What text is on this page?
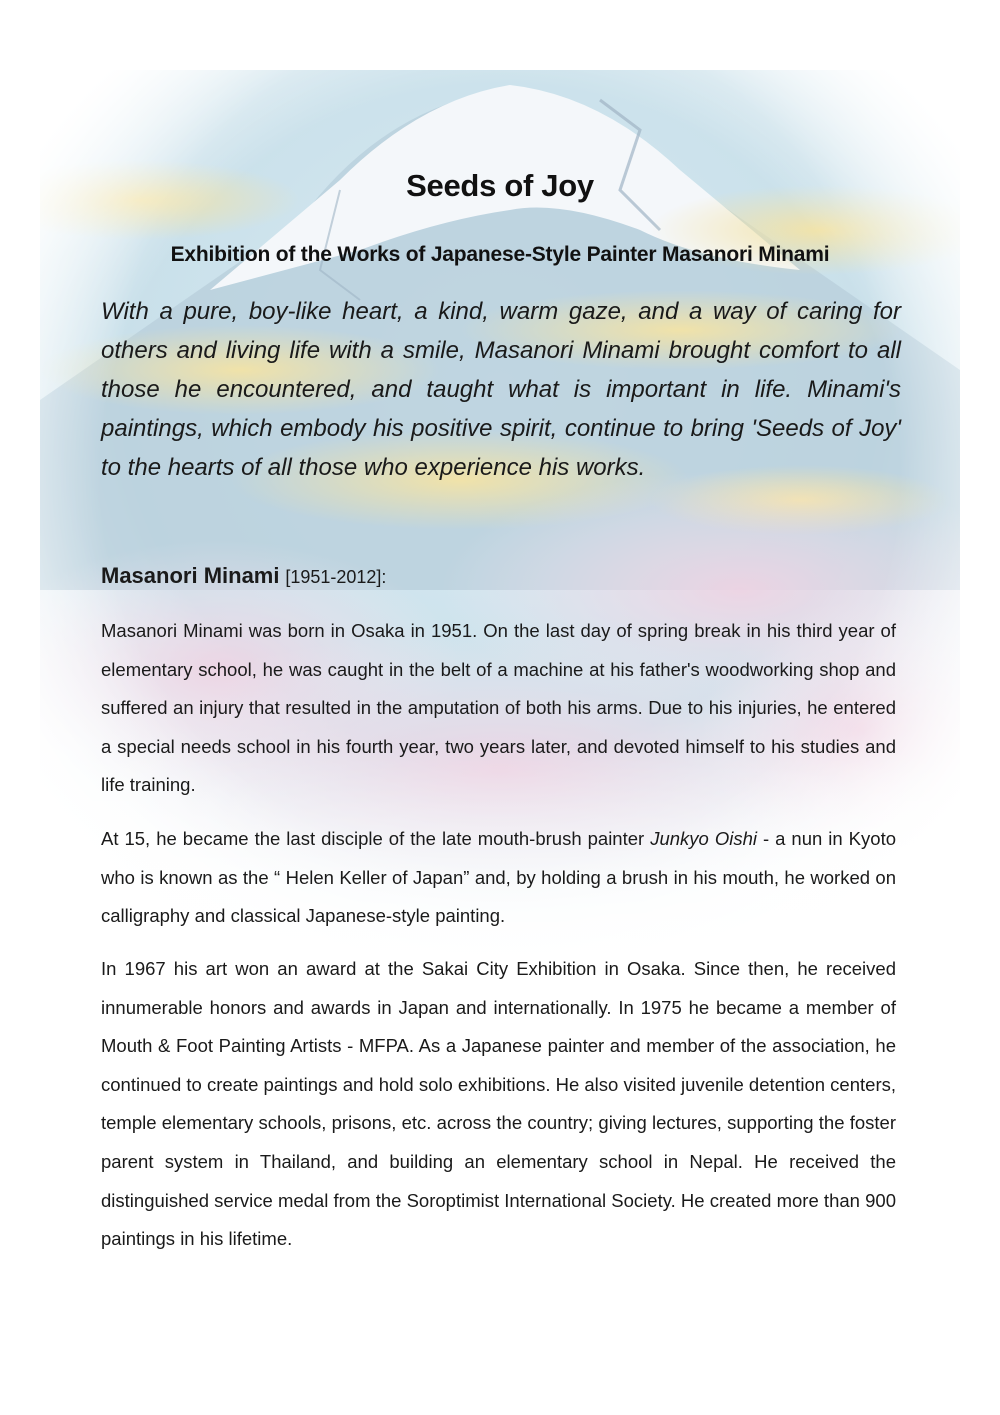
Seeds of Joy
Exhibition of the Works of Japanese-Style Painter Masanori Minami

With a pure, boy-like heart, a kind, warm gaze, and a way of caring for others and living life with a smile, Masanori Minami brought comfort to all those he encountered, and taught what is important in life. Minami's paintings, which embody his positive spirit, continue to bring 'Seeds of Joy' to the hearts of all those who experience his works.

Masanori Minami [1951-2012]:

Masanori Minami was born in Osaka in 1951. On the last day of spring break in his third year of elementary school, he was caught in the belt of a machine at his father's woodworking shop and suffered an injury that resulted in the amputation of both his arms. Due to his injuries, he entered a special needs school in his fourth year, two years later, and devoted himself to his studies and life training.

At 15, he became the last disciple of the late mouth-brush painter Junkyo Oishi - a nun in Kyoto who is known as the “ Helen Keller of Japan” and, by holding a brush in his mouth, he worked on calligraphy and classical Japanese-style painting.

In 1967 his art won an award at the Sakai City Exhibition in Osaka. Since then, he received innumerable honors and awards in Japan and internationally. In 1975 he became a member of Mouth & Foot Painting Artists - MFPA. As a Japanese painter and member of the association, he continued to create paintings and hold solo exhibitions. He also visited juvenile detention centers, temple elementary schools, prisons, etc. across the country; giving lectures, supporting the foster parent system in Thailand, and building an elementary school in Nepal. He received the distinguished service medal from the Soroptimist International Society. He created more than 900 paintings in his lifetime.
